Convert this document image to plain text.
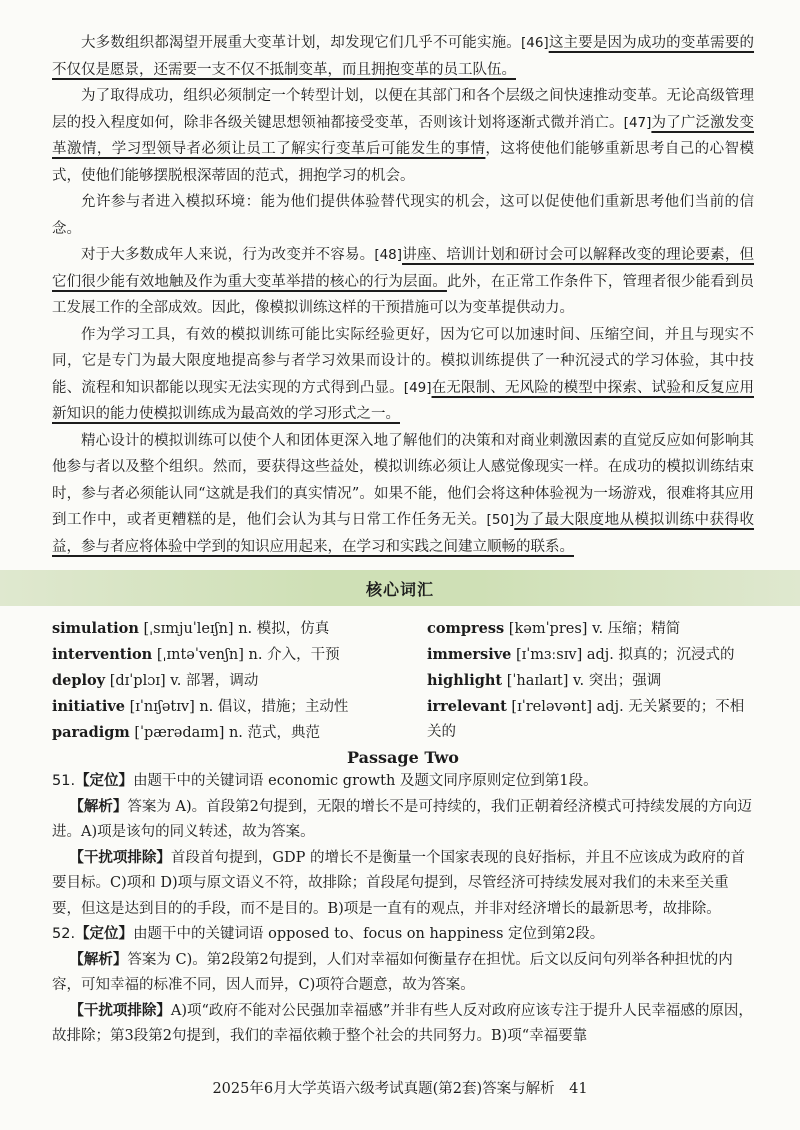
大多数组织都渴望开展重大变革计划，却发现它们几乎不可能实施。[46]这主要是因为成功的变革需要的不仅仅是愿景，还需要一支不仅不抵制变革，而且拥抱变革的员工队伍。

为了取得成功，组织必须制定一个转型计划，以便在其部门和各个层级之间快速推动变革。无论高级管理层的投入程度如何，除非各级关键思想领袖都接受变革，否则该计划将逐渐式微并消亡。[47]为了广泛激发变革激情，学习型领导者必须让员工了解实行变革后可能发生的事情，这将使他们能够重新思考自己的心智模式，使他们能够摆脱根深蒂固的范式，拥抱学习的机会。

允许参与者进入模拟环境：能为他们提供体验替代现实的机会，这可以促使他们重新思考他们当前的信念。

对于大多数成年人来说，行为改变并不容易。[48]讲座、培训计划和研讨会可以解释改变的理论要素，但它们很少能有效地触及作为重大变革举措的核心的行为层面。此外，在正常工作条件下，管理者很少能看到员工发展工作的全部成效。因此，像模拟训练这样的干预措施可以为变革提供动力。

作为学习工具，有效的模拟训练可能比实际经验更好，因为它可以加速时间、压缩空间，并且与现实不同，它是专门为最大限度地提高参与者学习效果而设计的。模拟训练提供了一种沉浸式的学习体验，其中技能、流程和知识都能以现实无法实现的方式得到凸显。[49]在无限制、无风险的模型中探索、试验和反复应用新知识的能力使模拟训练成为最高效的学习形式之一。

精心设计的模拟训练可以使个人和团体更深入地了解他们的决策和对商业刺激因素的直觉反应如何影响其他参与者以及整个组织。然而，要获得这些益处，模拟训练必须让人感觉像现实一样。在成功的模拟训练结束时，参与者必须能认同“这就是我们的真实情况”。如果不能，他们会将这种体验视为一场游戏，很难将其应用到工作中，或者更糟糕的是，他们会认为其与日常工作任务无关。[50]为了最大限度地从模拟训练中获得收益，参与者应将体验中学到的知识应用起来，在学习和实践之间建立顺畅的联系。

核心词汇
simulation [ˌsɪmjuˈleɪʃn] n. 模拟，仿真
intervention [ˌɪntəˈvenʃn] n. 介入，干预
deploy [dɪˈplɔɪ] v. 部署，调动
initiative [ɪˈnɪʃətɪv] n. 倡议，措施；主动性
paradigm [ˈpærədaɪm] n. 范式，典范
compress [kəmˈpres] v. 压缩；精简
immersive [ɪˈmɜːsɪv] adj. 拟真的；沉浸式的
highlight [ˈhaɪlaɪt] v. 突出；强调
irrelevant [ɪˈreləvənt] adj. 无关紧要的；不相关的
Passage Two

51.【定位】由题干中的关键词语 economic growth 及题文同序原则定位到第1段。

【解析】答案为 A)。首段第2句提到，无限的增长不是可持续的，我们正朝着经济模式可持续发展的方向迈进。A)项是该句的同义转述，故为答案。

【干扰项排除】首段首句提到，GDP 的增长不是衡量一个国家表现的良好指标，并且不应该成为政府的首要目标。C)项和 D)项与原文语义不符，故排除；首段尾句提到，尽管经济可持续发展对我们的未来至关重要，但这是达到目的的手段，而不是目的。B)项是一直有的观点，并非对经济增长的最新思考，故排除。

52.【定位】由题干中的关键词语 opposed to、focus on happiness 定位到第2段。

【解析】答案为 C)。第2段第2句提到，人们对幸福如何衡量存在担忧。后文以反问句列举各种担忧的内容，可知幸福的标准不同，因人而异，C)项符合题意，故为答案。

【干扰项排除】A)项“政府不能对公民强加幸福感”并非有些人反对政府应该专注于提升人民幸福感的原因，故排除；第3段第2句提到，我们的幸福依赖于整个社会的共同努力。B)项“幸福要靠

2025年6月大学英语六级考试真题(第2套)答案与解析　41
